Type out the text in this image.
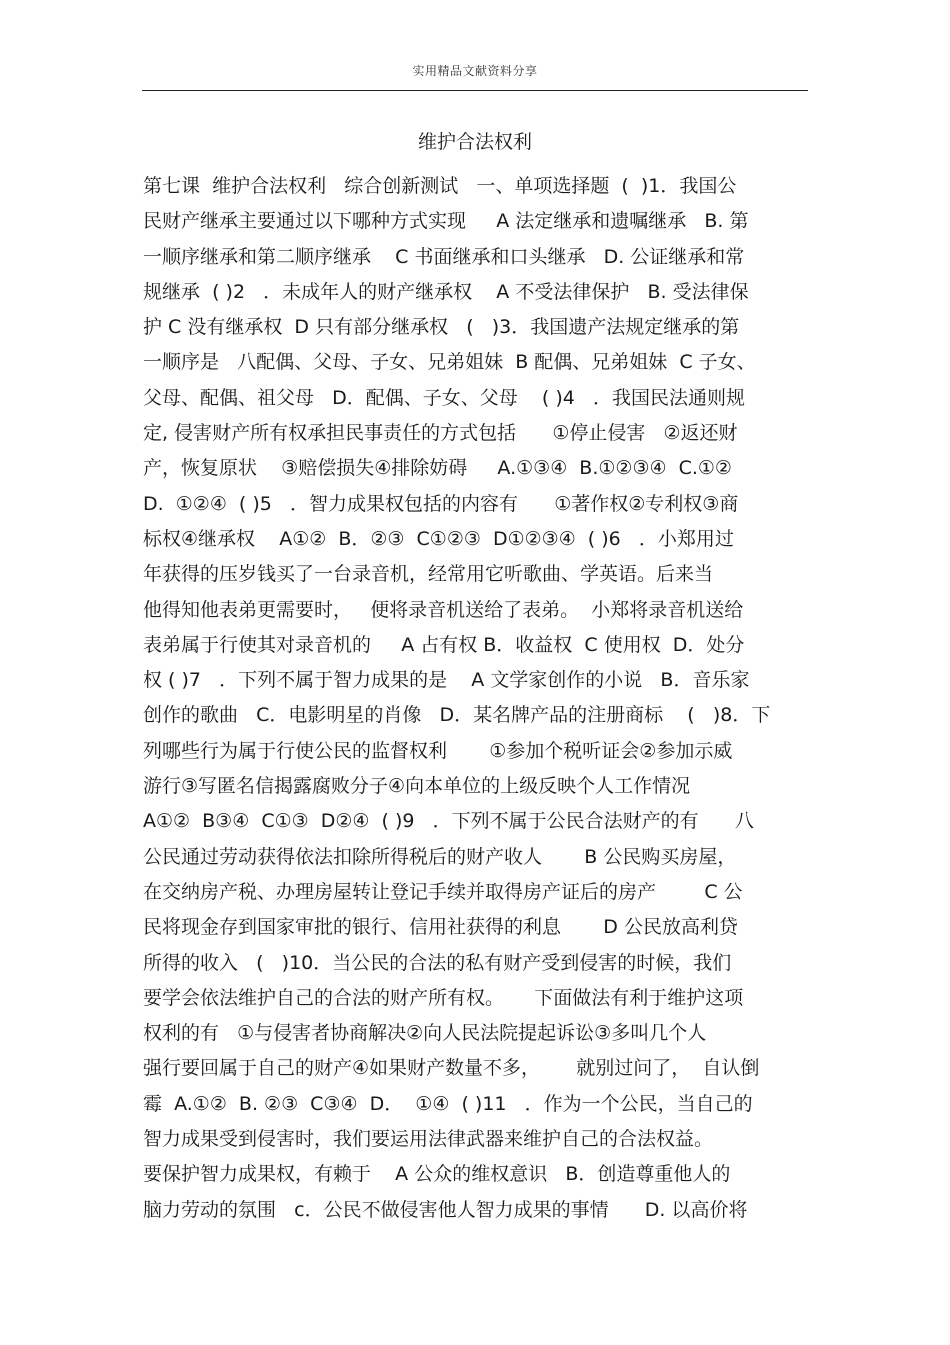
实用精品文献资料分享
维护合法权利
第七课  维护合法权利   综合创新测试   一、单项选择题  (  )1．我国公
民财产继承主要通过以下哪种方式实现     A 法定继承和遗嘱继承   B. 第
一顺序继承和第二顺序继承    C 书面继承和口头继承   D. 公证继承和常
规继承  ( )2   ．未成年人的财产继承权    A 不受法律保护   B. 受法律保
护 C 没有继承权  D 只有部分继承权   (   )3．我国遗产法规定继承的第
一顺序是   八配偶、父母、子女、兄弟姐妹  B 配偶、兄弟姐妹  C 子女、
父母、配偶、祖父母   D．配偶、子女、父母    ( )4   ．我国民法通则规
定, 侵害财产所有权承担民事责任的方式包括      ①停止侵害   ②返还财
产，恢复原状    ③赔偿损失④排除妨碍     A.①③④  B.①②③④  C.①②
D.  ①②④  ( )5   ．智力成果权包括的内容有      ①著作权②专利权③商
标权④继承权    A①②  B．②③  C①②③  D①②③④  ( )6   ．小郑用过
年获得的压岁钱买了一台录音机，经常用它听歌曲、学英语。后来当
他得知他表弟更需要时，   便将录音机送给了表弟。  小郑将录音机送给
表弟属于行使其对录音机的     A 占有权 B．收益权  C 使用权  D．处分
权 ( )7   ．下列不属于智力成果的是    A 文学家创作的小说   B．音乐家
创作的歌曲   C．电影明星的肖像   D．某名牌产品的注册商标    (   )8．下
列哪些行为属于行使公民的监督权利       ①参加个税听证会②参加示威
游行③写匿名信揭露腐败分子④向本单位的上级反映个人工作情况
A①②  B③④  C①③  D②④  ( )9   ．下列不属于公民合法财产的有      八
公民通过劳动获得依法扣除所得税后的财产收人       B 公民购买房屋，
在交纳房产税、办理房屋转让登记手续并取得房产证后的房产        C 公
民将现金存到国家审批的银行、信用社获得的利息       D 公民放高利贷
所得的收入   (   )10．当公民的合法的私有财产受到侵害的时候，我们
要学会依法维护自己的合法的财产所有权。     下面做法有利于维护这项
权利的有   ①与侵害者协商解决②向人民法院提起诉讼③多叫几个人
强行要回属于自己的财产④如果财产数量不多，      就别过问了，  自认倒
霉  A.①②  B. ②③  C③④  D．  ①④  ( )11   ．作为一个公民，当自己的
智力成果受到侵害时，我们要运用法律武器来维护自己的合法权益。
要保护智力成果权，有赖于    A 公众的维权意识   B．创造尊重他人的
脑力劳动的氛围   c．公民不做侵害他人智力成果的事情      D. 以高价将
